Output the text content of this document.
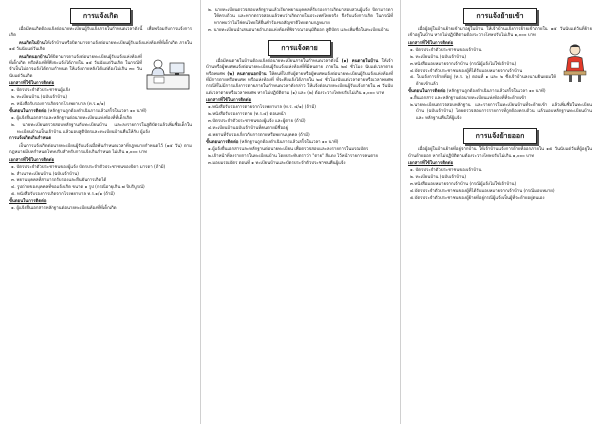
การแจ้งเกิด

เมื่อมีคนเกิดต้องแจ้งต่อนายทะเบียนผู้รับแจ้งภายในกำหนดเวลาดังนี้ เพื่อพร้อมกับการแจ้งการเกิด

คนเกิดในบ้านให้เจ้าบ้านหรือบิดามารดาแจ้งต่อนายทะเบียนผู้รับแจ้งแห่งท้องที่ที่เด็กเกิด ภายใน ๑๕ วันนับแต่วันเกิด

คนเกิดนอกบ้านให้บิดามารดาแจ้งต่อนายทะเบียนผู้รับแจ้งแห่งท้องที่ที่เด็กเกิด หรือท้องที่ที่พึงจะแจ้งได้ภายใน ๑๕ วันนับแต่วันเกิด ในกรณีที่จำเป็นไม่อาจแจ้งได้ตามกำหนด ให้แจ้งภายหลังได้แต่ต้องไม่เกิน ๓๐ วันนับแต่วันเกิด

เอกสารที่ใช้ในการติดต่อ

๑. บัตรประจำตัวประชาชนผู้แจ้ง

๒. ทะเบียนบ้าน (ฉบับเจ้าบ้าน)

๓. หนังสือรับรองการเกิดจากโรงพยาบาล (ท.ร.๑/๑)

ขั้นตอนในการติดต่อ (หลักฐานถูกต้องดำเนินการแล้วเสร็จในเวลา ๑๐ นาที)

๑. ผู้แจ้งยื่นเอกสารและหลักฐานต่อนายทะเบียนแห่งท้องที่ที่เด็กเกิด

๒. นายทะเบียนตรวจสอบหลักฐานกับทะเบียนบ้าน และลงรายการในสูติบัตรแล้วเพิ่มชื่อเด็กในทะเบียนบ้านเป็นเจ้าบ้าน แล้วมอบสูติบัตรและทะเบียนบ้านคืนให้กับ ผู้แจ้ง

การแจ้งเกิดเกินกำหนด

เป็นการแจ้งเกิดต่อนายทะเบียนผู้รับแจ้งเมื่อพ้นกำหนดเวลาที่กฎหมายกำหนดไว้ (๑๕ วัน) ตามกฎหมายมีบทกำหนดโทษปรับสำหรับการแจ้งเกินกำหนด ไม่เกิน ๑,๐๐๐ บาท

เอกสารที่ใช้ในการติดต่อ

๑. บัตรประจำตัวประชาชนของผู้แจ้ง บัตรประจำตัวประชาชนของบิดา มารดา (ถ้ามี)

๒. สำเนาทะเบียนบ้าน (ฉบับเจ้าบ้าน)

๓. พยานบุคคลที่สามารถรับรองและยืนยันการเกิดได้

๔. รูปถ่ายของบุคคลที่ขอแจ้งเกิด ขนาด ๑ รูป (กรณีอายุเกิน ๗ ปีบริบูรณ์)

๕. หนังสือรับรองการเกิดจากโรงพยาบาล ท.ร.๑/๑ (ถ้ามี)

ขั้นตอนในการติดต่อ

๑. ผู้แจ้งยื่นเอกสารหลักฐานต่อนายทะเบียนท้องที่ที่เด็กเกิด

๒. นายทะเบียนตรวจสอบหลักฐานแล้วเรียกพยานบุคคลที่รับรองการเกิดมาสอบสวนผู้แจ้ง บิดามารดาให้ครบถ้วน และหากตรวจสอบแล้วพบว่าเกิดภายในประเทศไทยจริง จึงรับแจ้งการเกิด ในกรณีที่หากพบว่าไม่ใช่คนไทยให้ยื่นคำร้องขอสัญชาติไทยตามกฎหมาย

๓. นายทะเบียนนำเสนอนายอำเภอแห่งท้องที่พิจารณาอนุมัติออก สูติบัตร และเพิ่มชื่อในทะเบียนบ้าน

การแจ้งตาย

เมื่อมีคนตายในบ้านต้องแจ้งต่อนายทะเบียนภายในกำหนดเวลาดังนี้ (๑) คนตายในบ้าน ให้เจ้าบ้านหรือผู้พบศพแจ้งต่อนายทะเบียนผู้รับแจ้งแห่งท้องที่ที่มีคนตาย ภายใน ๒๔ ชั่วโมง นับแต่เวลาตาย หรือพบศพ (๒) คนตายนอกบ้าน ให้คนที่ไปกับผู้ตายหรือผู้พบศพแจ้งต่อนายทะเบียนผู้รับแจ้งแห่งท้องที่ ที่มีการตายหรือพบศพ หรือแห่งท้องที่ ที่จะพึงแจ้งได้ภายใน ๒๔ ชั่วโมงนับแต่เวลาตายหรือเวลาพบศพ กรณีที่ไม่มีการแจ้งการตายภายในกำหนดเวลาดังกล่าว ให้แจ้งต่อนายทะเบียนผู้รับแจ้งภายใน ๗ วันนับแต่เวลาตายหรือเวลาพบศพ หากไม่ปฏิบัติตาม (๑) และ (๒) ต้องระวางโทษปรับไม่เกิน ๑,๐๐๐ บาท

เอกสารที่ใช้ในการติดต่อ

๑.หนังสือรับรองการตายจากโรงพยาบาล (ท.ร. ๔/๑) (ถ้ามี)

๒.หนังสือรับรองการตาย (ท.ร.๔) ตอนหน้า

๓.บัตรประจำตัวประชาชนของผู้แจ้ง และผู้ตาย (ถ้ามี)

๔.ทะเบียนบ้านฉบับเจ้าบ้านที่คนตายมีชื่ออยู่

๕.พยานที่รับรองเกี่ยวกับการตายหรือพยานบุคคล (ถ้ามี)

ขั้นตอนการติดต่อ (หลักฐานถูกต้องดำเนินการแล้วเสร็จในเวลา ๑๐ นาที)

๑.ผู้แจ้งยื่นเอกสารและหลักฐานต่อนายทะเบียน เพื่อตรวจสอบและลงรายการในมรณบัตร

๒.เจ้าหน้าที่ลงรายการในทะเบียนบ้าน โดยประทับตราว่า "ตาย" สีแดง ไว้หน้ารายการคนตาย

๓.มอบมรณบัตร ตอนที่ ๑ ทะเบียนบ้านและบัตรประจำตัวประชาชนคืนผู้แจ้ง

การแจ้งย้ายเข้า

เมื่อผู้อยู่ในบ้านย้ายเข้ามาอยู่ในบ้าน ให้เจ้าบ้านแจ้งการย้ายเข้าภายใน ๑๕ วันนับแต่วันที่ย้ายเข้าอยู่ในบ้าน หากไม่ปฏิบัติตามต้องระวางโทษปรับไม่เกิน ๑,๐๐๐ บาท

เอกสารที่ใช้ในการติดต่อ

๑. บัตรประจำตัวประชาชนของเจ้าบ้าน

๒. ทะเบียนบ้าน (ฉบับเจ้าบ้าน)

๓.หนังสือมอบหมายจากเจ้าบ้าน (กรณีผู้แจ้งไม่ใช่เจ้าบ้าน)

๔.บัตรประจำตัวประชาชนของผู้ที่ได้รับมอบหมายจากเจ้าบ้าน

๕. ใบแจ้งการย้ายที่อยู่ (ท.ร. ๖) ตอนที่ ๑ และ ๒ ซึ่งเจ้าบ้านลงนามยินยอมให้ย้ายเข้าแล้ว

ขั้นตอนในการติดต่อ (หลักฐานถูกต้องดำเนินการแล้วเสร็จในเวลา ๑๐ นาที)

๑.ยื่นเอกสาร และหลักฐานต่อนายทะเบียนแห่งท้องที่ที่จะย้ายเข้า

๒.นายทะเบียนตรวจสอบหลักฐาน และรายการในทะเบียนบ้านที่จะย้ายเข้า แล้วเพิ่มชื่อในทะเบียนบ้าน (ฉบับเจ้าบ้าน) โดยตรวจสอบการรายการที่ถูกต้องครบถ้วน แล้วมอบหลักฐานทะเบียนบ้าน และ หลักฐานคืนให้ผู้แจ้ง

การแจ้งย้ายออก

เมื่อผู้อยู่ในบ้านย้ายที่อยู่จากบ้าน ให้เจ้าบ้านแจ้งการย้ายที่ออกภายใน ๑๕ วันนับแต่วันที่ผู้อยู่ในบ้านย้ายออก หากไม่ปฏิบัติตามต้องระวางโทษปรับไม่เกิน ๑,๐๐๐ บาท

เอกสารที่ใช้ในการติดต่อ

๑. บัตรประจำตัวประชาชนของเจ้าบ้าน

๒. ทะเบียนบ้าน (ฉบับเจ้าบ้าน)

๓.หนังสือมอบหมายจากเจ้าบ้าน (กรณีผู้แจ้งไม่ใช่เจ้าบ้าน)

๔.บัตรประจำตัวประชาชนของผู้ที่ได้รับมอบหมายจากเจ้าบ้าน (กรณีมอบหมาย)

๕.บัตรประจำตัวประชาชนของผู้ย้ายที่อยู่กรณีผู้แจ้งเป็นผู้ที่จะย้ายอยู่ตนเอง
